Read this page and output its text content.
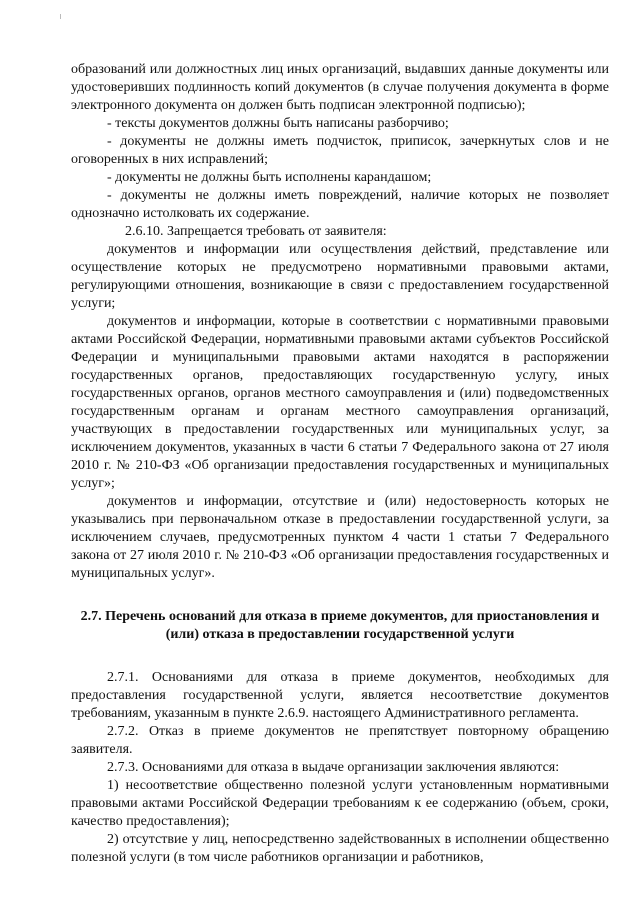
образований или должностных лиц иных организаций, выдавших данные документы или удостоверивших подлинность копий документов (в случае получения документа в форме электронного документа он должен быть подписан электронной подписью);

- тексты документов должны быть написаны разборчиво;

- документы не должны иметь подчисток, приписок, зачеркнутых слов и не оговоренных в них исправлений;

- документы не должны быть исполнены карандашом;

- документы не должны иметь повреждений, наличие которых не позволяет однозначно истолковать их содержание.

2.6.10. Запрещается требовать от заявителя:

документов и информации или осуществления действий, представление или осуществление которых не предусмотрено нормативными правовыми актами, регулирующими отношения, возникающие в связи с предоставлением государственной услуги;

документов и информации, которые в соответствии с нормативными правовыми актами Российской Федерации, нормативными правовыми актами субъектов Российской Федерации и муниципальными правовыми актами находятся в распоряжении государственных органов, предоставляющих государственную услугу, иных государственных органов, органов местного самоуправления и (или) подведомственных государственным органам и органам местного самоуправления организаций, участвующих в предоставлении государственных или муниципальных услуг, за исключением документов, указанных в части 6 статьи 7 Федерального закона от 27 июля 2010 г. № 210-ФЗ «Об организации предоставления государственных и муниципальных услуг»;

документов и информации, отсутствие и (или) недостоверность которых не указывались при первоначальном отказе в предоставлении государственной услуги, за исключением случаев, предусмотренных пунктом 4 части 1 статьи 7 Федерального закона от 27 июля 2010 г. № 210-ФЗ «Об организации предоставления государственных и муниципальных услуг».

2.7. Перечень оснований для отказа в приеме документов, для приостановления и (или) отказа в предоставлении государственной услуги

2.7.1. Основаниями для отказа в приеме документов, необходимых для предоставления государственной услуги, является несоответствие документов требованиям, указанным в пункте 2.6.9. настоящего Административного регламента.

2.7.2. Отказ в приеме документов не препятствует повторному обращению заявителя.

2.7.3. Основаниями для отказа в выдаче организации заключения являются:

1) несоответствие общественно полезной услуги установленным нормативными правовыми актами Российской Федерации требованиям к ее содержанию (объем, сроки, качество предоставления);

2) отсутствие у лиц, непосредственно задействованных в исполнении общественно полезной услуги (в том числе работников организации и работников,
